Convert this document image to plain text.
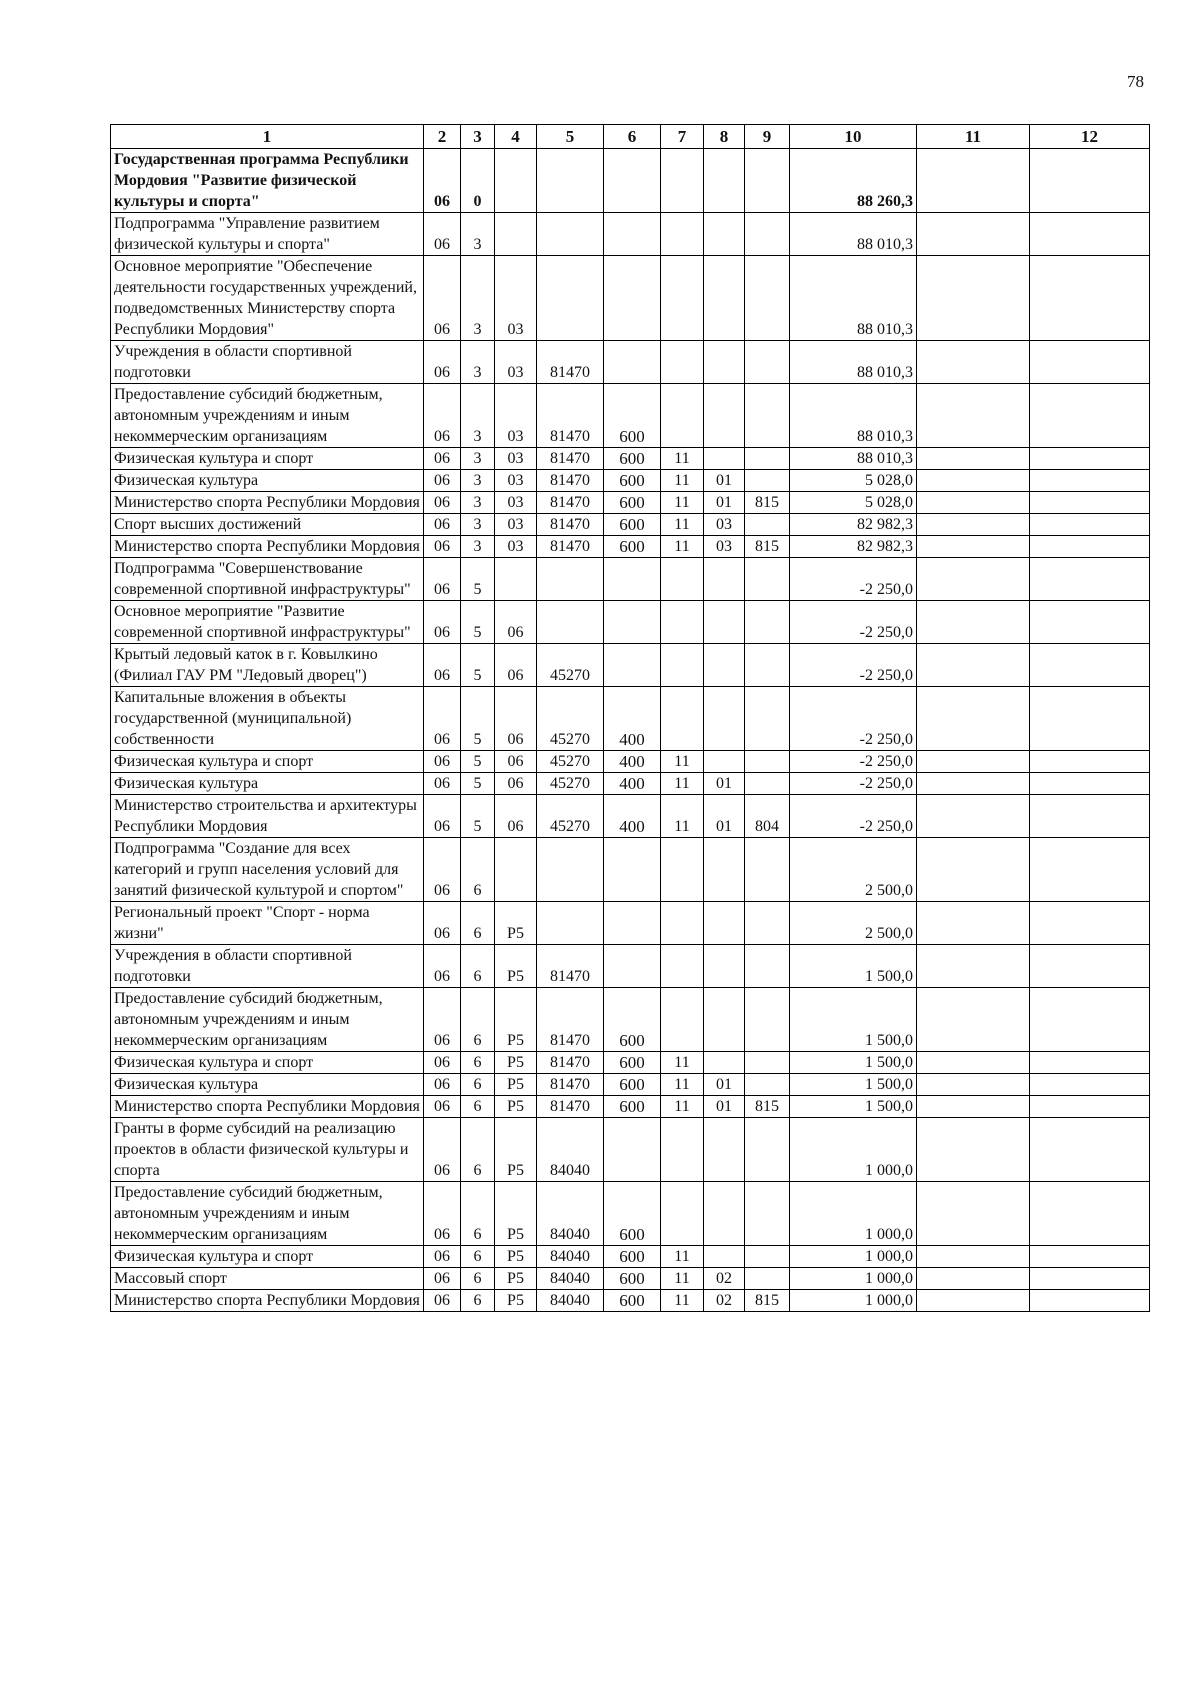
78
1	2	3	4	5	6	7	8	9	10	11	12
Государственная программа Республики Мордовия "Развитие физической культуры и спорта"	06	0							88 260,3		
Подпрограмма "Управление развитием физической культуры и спорта"	06	3							88 010,3		
Основное мероприятие "Обеспечение деятельности государственных учреждений, подведомственных Министерству спорта Республики Мордовия"	06	3	03						88 010,3		
Учреждения в области спортивной подготовки	06	3	03	81470					88 010,3		
Предоставление субсидий бюджетным, автономным учреждениям и иным некоммерческим организациям	06	3	03	81470	600				88 010,3		
Физическая культура и спорт	06	3	03	81470	600	11			88 010,3		
Физическая культура	06	3	03	81470	600	11	01		5 028,0		
Министерство спорта Республики Мордовия	06	3	03	81470	600	11	01	815	5 028,0		
Спорт высших достижений	06	3	03	81470	600	11	03		82 982,3		
Министерство спорта Республики Мордовия	06	3	03	81470	600	11	03	815	82 982,3		
Подпрограмма "Совершенствование современной спортивной инфраструктуры"	06	5							-2 250,0		
Основное мероприятие "Развитие современной спортивной инфраструктуры"	06	5	06						-2 250,0		
Крытый ледовый каток в г. Ковылкино (Филиал ГАУ РМ "Ледовый дворец")	06	5	06	45270					-2 250,0		
Капитальные вложения в объекты государственной (муниципальной) собственности	06	5	06	45270	400				-2 250,0		
Физическая культура и спорт	06	5	06	45270	400	11			-2 250,0		
Физическая культура	06	5	06	45270	400	11	01		-2 250,0		
Министерство строительства и архитектуры Республики Мордовия	06	5	06	45270	400	11	01	804	-2 250,0		
Подпрограмма "Создание для всех категорий и групп населения условий для занятий физической культурой и спортом"	06	6							2 500,0		
Региональный проект "Спорт - норма жизни"	06	6	P5						2 500,0		
Учреждения в области спортивной подготовки	06	6	P5	81470					1 500,0		
Предоставление субсидий бюджетным, автономным учреждениям и иным некоммерческим организациям	06	6	P5	81470	600				1 500,0		
Физическая культура и спорт	06	6	P5	81470	600	11			1 500,0		
Физическая культура	06	6	P5	81470	600	11	01		1 500,0		
Министерство спорта Республики Мордовия	06	6	P5	81470	600	11	01	815	1 500,0		
Гранты в форме субсидий на реализацию проектов в области физической культуры и спорта	06	6	P5	84040					1 000,0		
Предоставление субсидий бюджетным, автономным учреждениям и иным некоммерческим организациям	06	6	P5	84040	600				1 000,0		
Физическая культура и спорт	06	6	P5	84040	600	11			1 000,0		
Массовый спорт	06	6	P5	84040	600	11	02		1 000,0		
Министерство спорта Республики Мордовия	06	6	P5	84040	600	11	02	815	1 000,0		
